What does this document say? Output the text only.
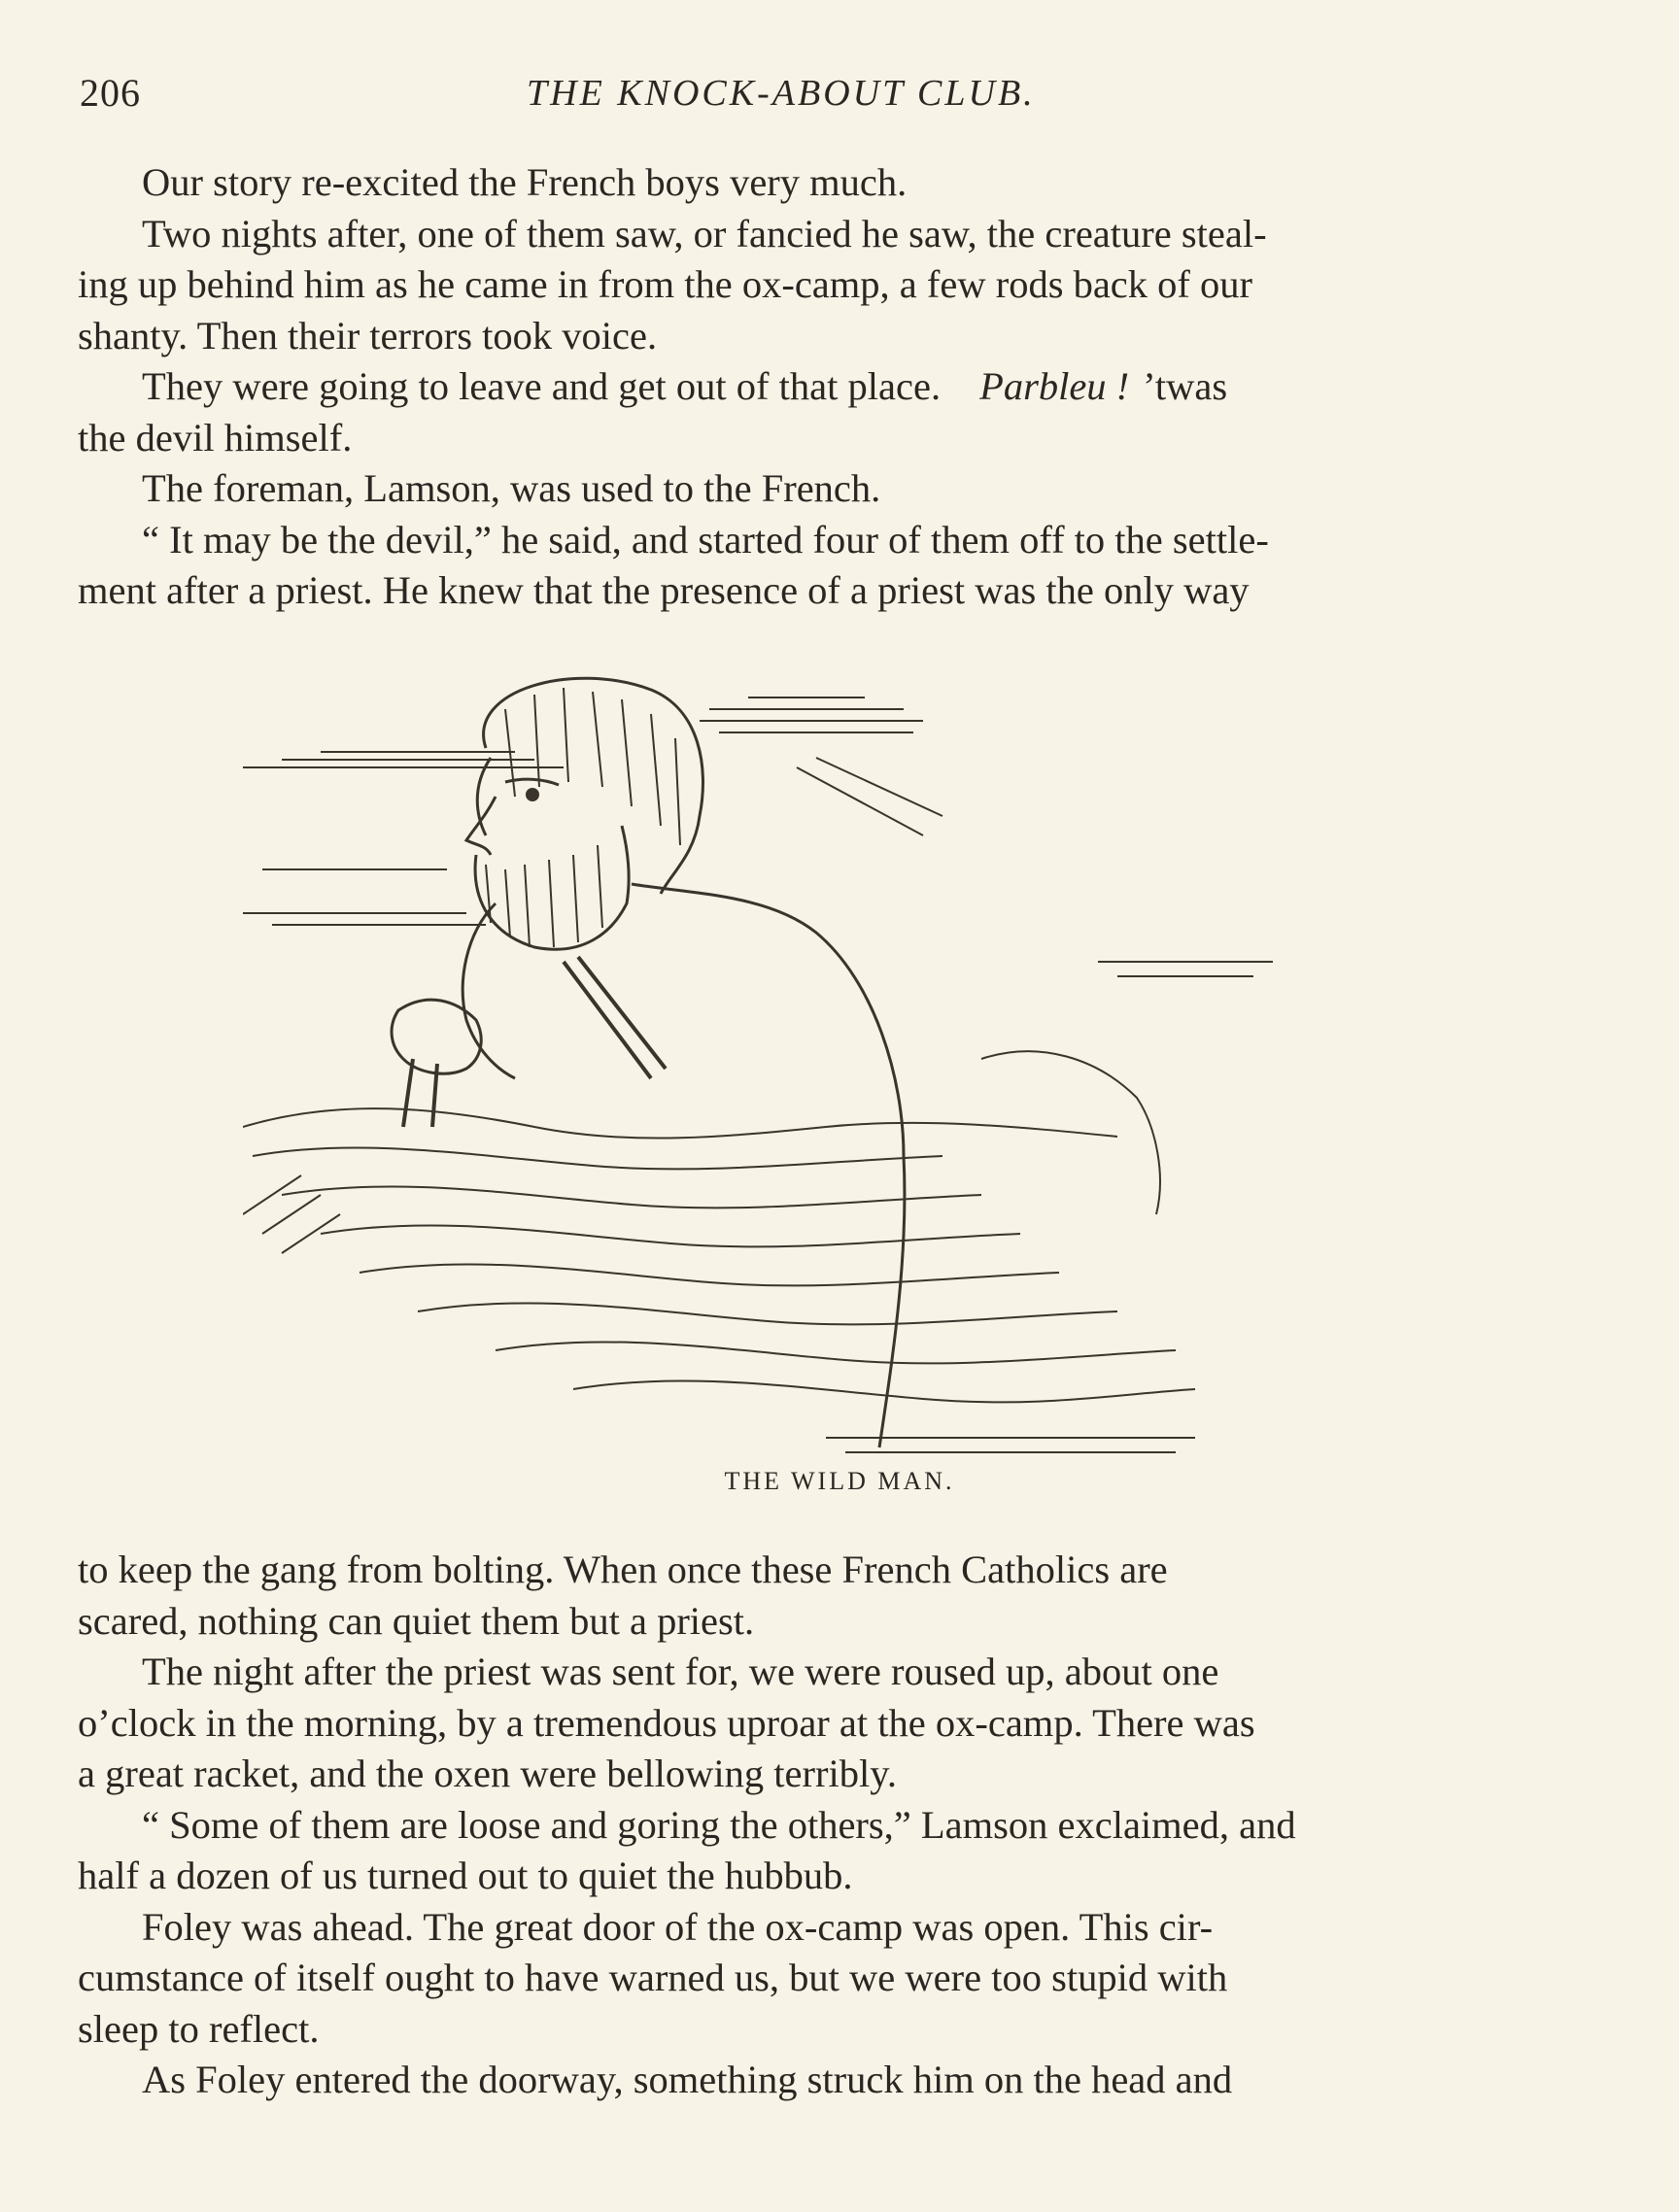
206	THE KNOCK-ABOUT CLUB.
Our story re-excited the French boys very much.
Two nights after, one of them saw, or fancied he saw, the creature steal-
ing up behind him as he came in from the ox-camp, a few rods back of our
shanty. Then their terrors took voice.
They were going to leave and get out of that place. Parbleu ! ’twas
the devil himself.
The foreman, Lamson, was used to the French.
“ It may be the devil,” he said, and started four of them off to the settle-
ment after a priest. He knew that the presence of a priest was the only way
THE WILD MAN.
to keep the gang from bolting. When once these French Catholics are
scared, nothing can quiet them but a priest.
The night after the priest was sent for, we were roused up, about one
o’clock in the morning, by a tremendous uproar at the ox-camp. There was
a great racket, and the oxen were bellowing terribly.
“ Some of them are loose and goring the others,” Lamson exclaimed, and
half a dozen of us turned out to quiet the hubbub.
Foley was ahead. The great door of the ox-camp was open. This cir-
cumstance of itself ought to have warned us, but we were too stupid with
sleep to reflect.
As Foley entered the doorway, something struck him on the head and
